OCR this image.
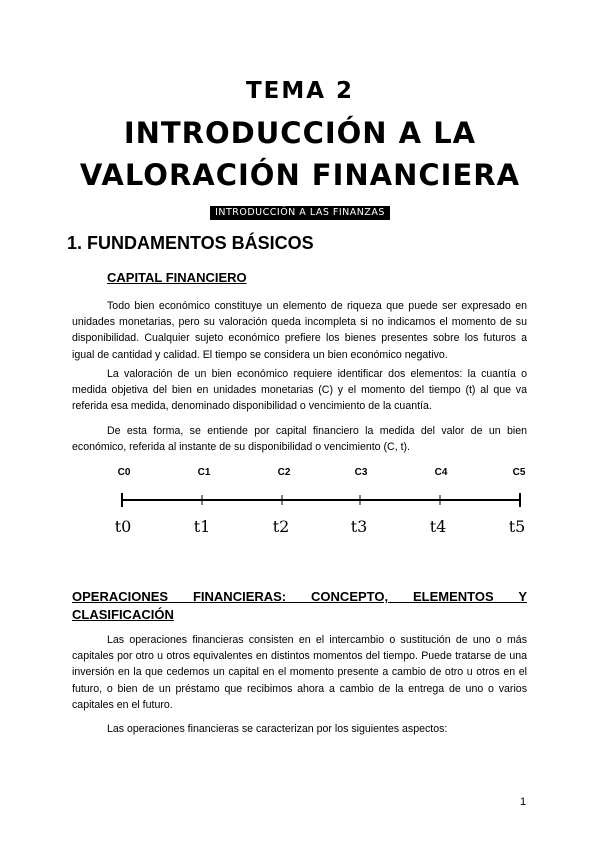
TEMA 2
INTRODUCCIÓN A LA
VALORACIÓN FINANCIERA
INTRODUCCIÓN A LAS FINANZAS
1. FUNDAMENTOS BÁSICOS
CAPITAL FINANCIERO

Todo bien económico constituye un elemento de riqueza que puede ser expresado en unidades monetarias, pero su valoración queda incompleta si no indicamos el momento de su disponibilidad. Cualquier sujeto económico prefiere los bienes presentes sobre los futuros a igual de cantidad y calidad. El tiempo se considera un bien económico negativo.

La valoración de un bien económico requiere identificar dos elementos: la cuantía o medida objetiva del bien en unidades monetarias (C) y el momento del tiempo (t) al que va referida esa medida, denominado disponibilidad o vencimiento de la cuantía.

De esta forma, se entiende por capital financiero la medida del valor de un bien económico, referida al instante de su disponibilidad o vencimiento (C, t).

C0	C1	C2	C3	C4	C5
t0	t1	t2	t3	t4	t5
OPERACIONES FINANCIERAS: CONCEPTO, ELEMENTOS Y
CLASIFICACIÓN

Las operaciones financieras consisten en el intercambio o sustitución de uno o más capitales por otro u otros equivalentes en distintos momentos del tiempo. Puede tratarse de una inversión en la que cedemos un capital en el momento presente a cambio de otro u otros en el futuro, o bien de un préstamo que recibimos ahora a cambio de la entrega de uno o varios capitales en el futuro.

Las operaciones financieras se caracterizan por los siguientes aspectos:

1
